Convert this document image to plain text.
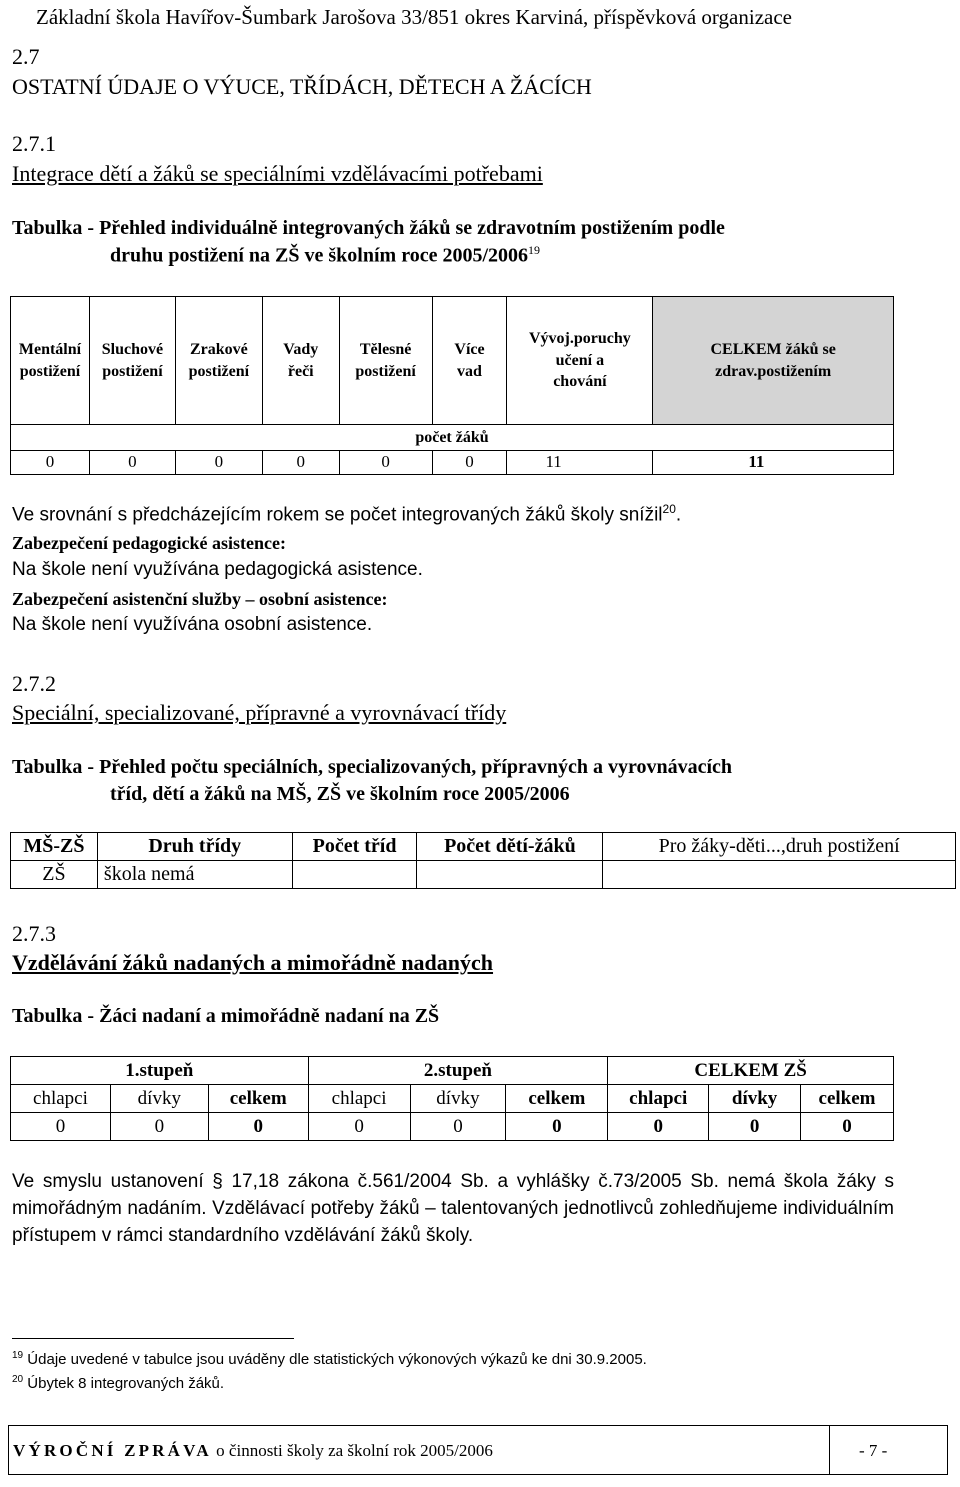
Základní škola Havířov-Šumbark Jarošova 33/851 okres Karviná, příspěvková organizace

2.7

OSTATNÍ ÚDAJE O VÝUCE, TŘÍDÁCH, DĚTECH A ŽÁCÍCH

2.7.1

Integrace dětí a žáků se speciálními vzdělávacími potřebami

Tabulka - Přehled individuálně integrovaných žáků se zdravotním postižením podle

druhu postižení na ZŠ ve školním roce 2005/2006$^{19}$

Mentální
postižení	Sluchové
postižení	Zrakové
postižení	Vady
řeči	Tělesné
postižení	Více
vad	Vývoj.poruchy
učení a
chování	CELKEM žáků se
zdrav.postižením
počet žáků							
0	0	0	0	0	0	11	11

Ve srovnání s předcházejícím rokem se počet integrovaných žáků školy snížil$^{20}$.

Zabezpečení pedagogické asistence:

Na škole není využívána pedagogická asistence.

Zabezpečení asistenční služby – osobní asistence:

Na škole není využívána osobní asistence.

2.7.2

Speciální, specializované, přípravné a vyrovnávací třídy

Tabulka - Přehled počtu speciálních, specializovaných, přípravných a vyrovnávacích

tříd, dětí a žáků na MŠ, ZŠ ve školním roce 2005/2006

MŠ-ZŠ	Druh třídy	Počet tříd	Počet dětí-žáků	Pro žáky-děti...,druh postižení
ZŠ	škola nemá			

2.7.3

Vzdělávání žáků nadaných a mimořádně nadaných

Tabulka - Žáci nadaní a mimořádně nadaní na ZŠ

1.stupeň			2.stupeň			CELKEM ZŠ		
chlapci	dívky	celkem	chlapci	dívky	celkem	chlapci	dívky	celkem
0	0	0	0	0	0	0	0	0

Ve smyslu ustanovení § 17,18 zákona č.561/2004 Sb. a vyhlášky č.73/2005 Sb. nemá škola žáky s mimořádným nadáním. Vzdělávací potřeby žáků – talentovaných jednotlivců zohledňujeme individuálním přístupem v rámci standardního vzdělávání žáků školy.

$^{19}$ Údaje uvedené v tabulce jsou uváděny dle statistických výkonových výkazů ke dni 30.9.2005.

$^{20}$ Úbytek 8 integrovaných žáků.

VÝROČNÍ ZPRÁVA o činnosti školy za školní rok 2005/2006	- 7 -
